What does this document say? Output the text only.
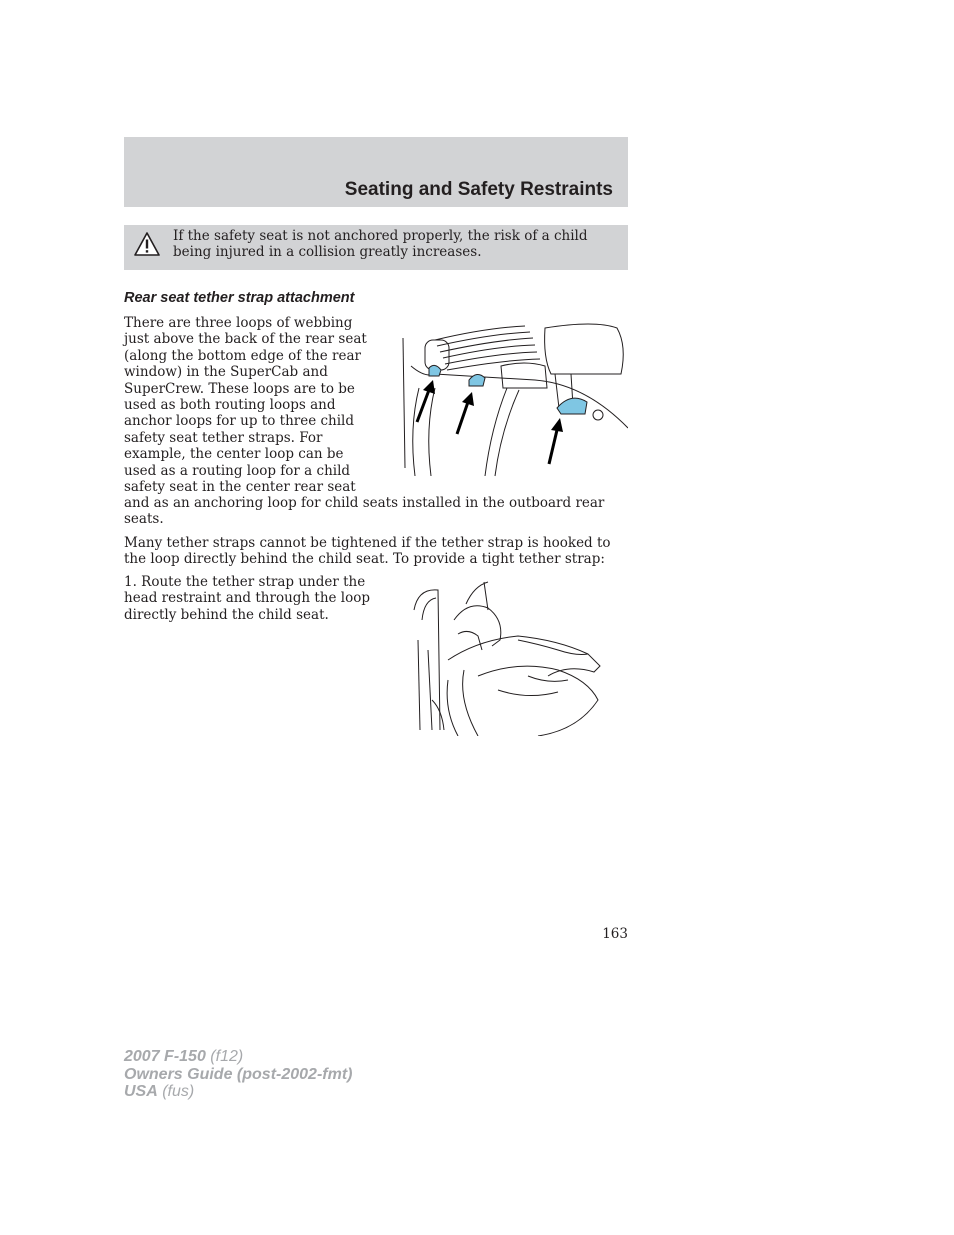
Seating and Safety Restraints
If the safety seat is not anchored properly, the risk of a child being injured in a collision greatly increases.
Rear seat tether strap attachment

There are three loops of webbing just above the back of the rear seat (along the bottom edge of the rear window) in the SuperCab and SuperCrew. These loops are to be used as both routing loops and anchor loops for up to three child safety seat tether straps. For example, the center loop can be used as a routing loop for a child safety seat in the center rear seat

and as an anchoring loop for child seats installed in the outboard rear seats.

Many tether straps cannot be tightened if the tether strap is hooked to the loop directly behind the child seat. To provide a tight tether strap:

1. Route the tether strap under the head restraint and through the loop directly behind the child seat.

163
2007 F-150 (f12)
Owners Guide (post-2002-fmt)
USA (fus)
